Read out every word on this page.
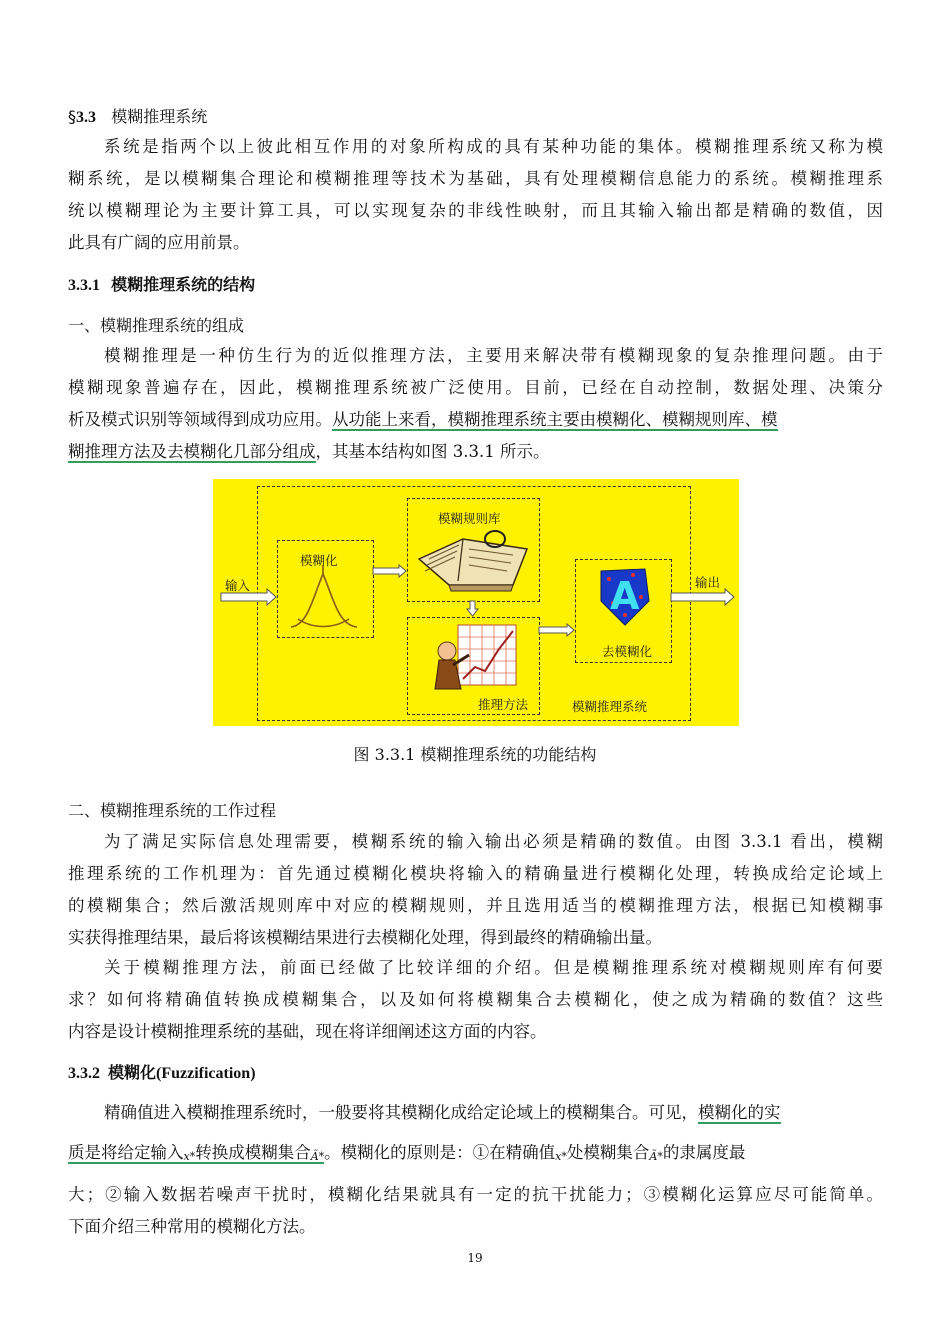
§3.3 模糊推理系统
系统是指两个以上彼此相互作用的对象所构成的具有某种功能的集体。模糊推理系统又称为模
糊系统，是以模糊集合理论和模糊推理等技术为基础，具有处理模糊信息能力的系统。模糊推理系
统以模糊理论为主要计算工具，可以实现复杂的非线性映射，而且其输入输出都是精确的数值，因
此具有广阔的应用前景。
3.3.1 模糊推理系统的结构
一、模糊推理系统的组成
模糊推理是一种仿生行为的近似推理方法，主要用来解决带有模糊现象的复杂推理问题。由于
模糊现象普遍存在，因此，模糊推理系统被广泛使用。目前，已经在自动控制，数据处理、决策分
析及模式识别等领域得到成功应用。从功能上来看，模糊推理系统主要由模糊化、模糊规则库、模
糊推理方法及去模糊化几部分组成，其基本结构如图 3.3.1 所示。
输入	输出
模糊化
模糊规则库
推理方法
去模糊化
模糊推理系统
A
图 3.3.1 模糊推理系统的功能结构
二、模糊推理系统的工作过程
为了满足实际信息处理需要，模糊系统的输入输出必须是精确的数值。由图 3.3.1 看出，模糊
推理系统的工作机理为：首先通过模糊化模块将输入的精确量进行模糊化处理，转换成给定论域上
的模糊集合；然后激活规则库中对应的模糊规则，并且选用适当的模糊推理方法，根据已知模糊事
实获得推理结果，最后将该模糊结果进行去模糊化处理，得到最终的精确输出量。
关于模糊推理方法，前面已经做了比较详细的介绍。但是模糊推理系统对模糊规则库有何要
求？如何将精确值转换成模糊集合，以及如何将模糊集合去模糊化，使之成为精确的数值？这些
内容是设计模糊推理系统的基础，现在将详细阐述这方面的内容。
3.3.2 模糊化(Fuzzification)
精确值进入模糊推理系统时，一般要将其模糊化成给定论域上的模糊集合。可见，模糊化的实
质是将给定输入x*转换成模糊集合Ã*。模糊化的原则是：①在精确值x*处模糊集合Ã*的隶属度最
大；②输入数据若噪声干扰时，模糊化结果就具有一定的抗干扰能力；③模糊化运算应尽可能简单。
下面介绍三种常用的模糊化方法。
19
